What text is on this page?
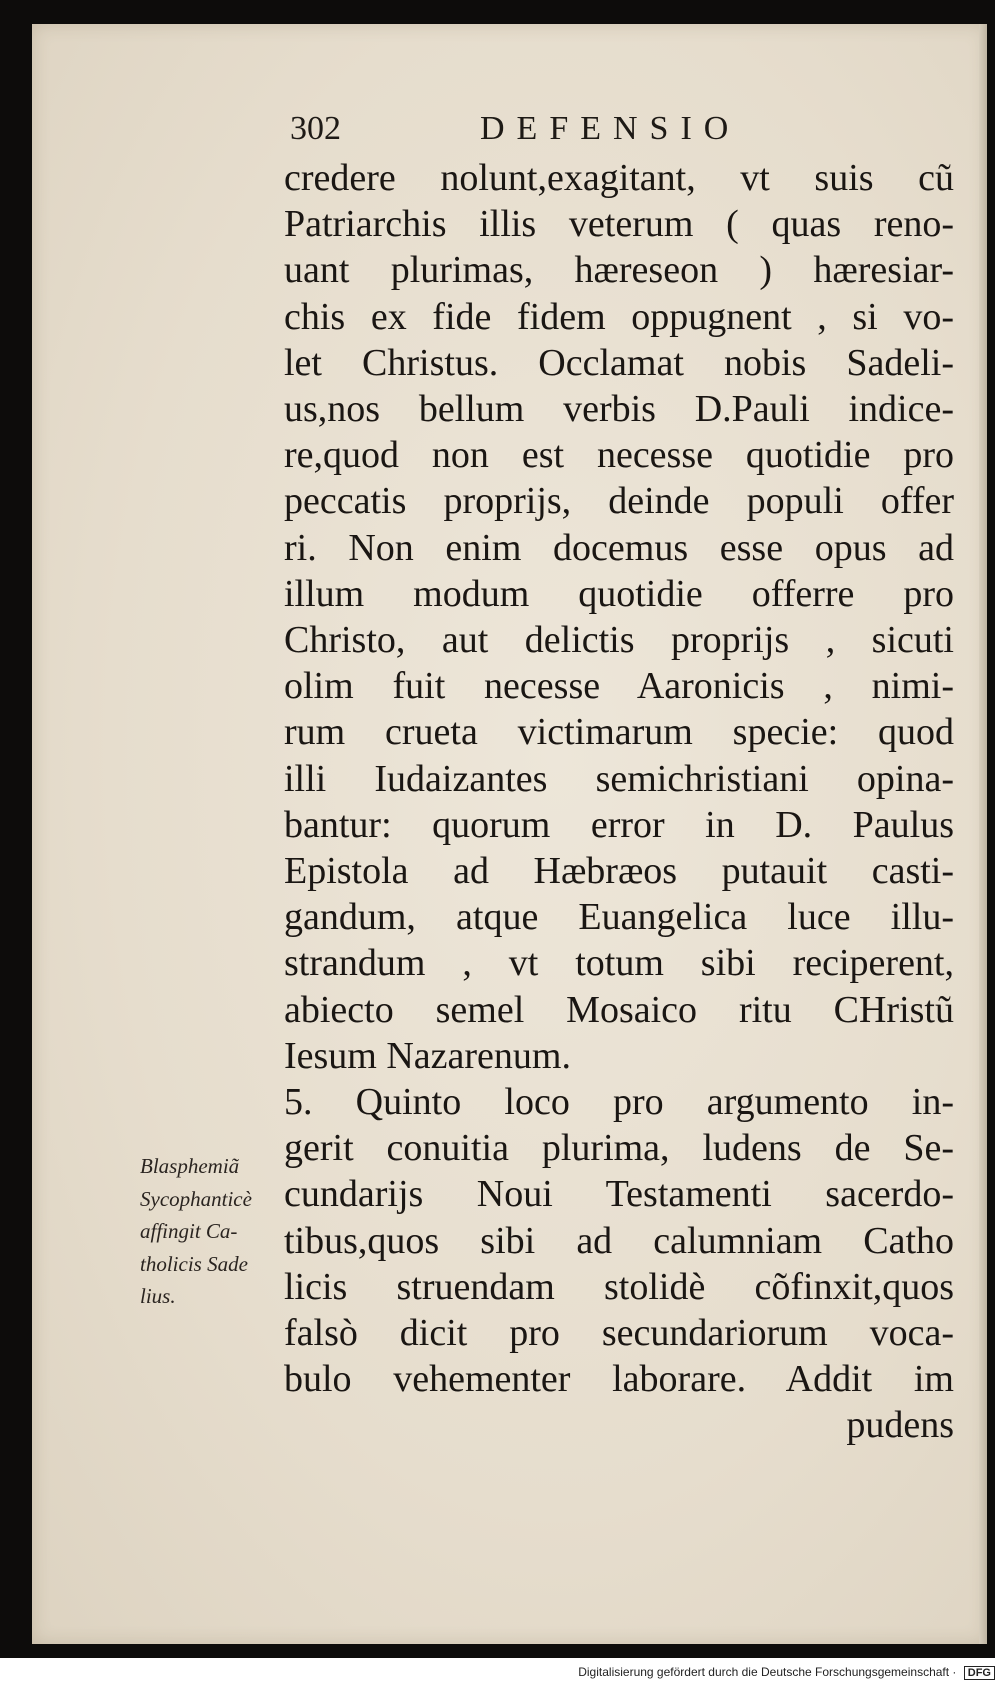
302	DEFENSIO
credere nolunt,exagitant, vt suis cũ
Patriarchis illis veterum ( quas reno-
uant plurimas, hæreseon ) hæresiar-
chis ex fide fidem oppugnent , si vo-
let Christus. Occlamat nobis Sadeli-
us,nos bellum verbis D.Pauli indice-
re,quod non est necesse quotidie pro
peccatis proprijs, deinde populi offer
ri. Non enim docemus esse opus ad
illum modum quotidie offerre pro
Christo, aut delictis proprijs , sicuti
olim fuit necesse Aaronicis , nimi-
rum crueta victimarum specie: quod
illi Iudaizantes semichristiani opina-
bantur: quorum error in D. Paulus
Epistola ad Hæbræos putauit casti-
gandum, atque Euangelica luce illu-
strandum , vt totum sibi reciperent,
abiecto semel Mosaico ritu CHristũ
Iesum Nazarenum.
5. Quinto loco pro argumento in-
gerit conuitia plurima, ludens de Se-
cundarijs Noui Testamenti sacerdo-
tibus,quos sibi ad calumniam Catho
licis struendam stolidè cõfinxit,quos
falsò dicit pro secundariorum voca-
bulo vehementer laborare. Addit im
pudens
Blasphemiã
Sycophanticè
affingit Ca-
tholicis Sade
lius.
Digitalisierung gefördert durch die Deutsche Forschungsgemeinschaft · DFG
